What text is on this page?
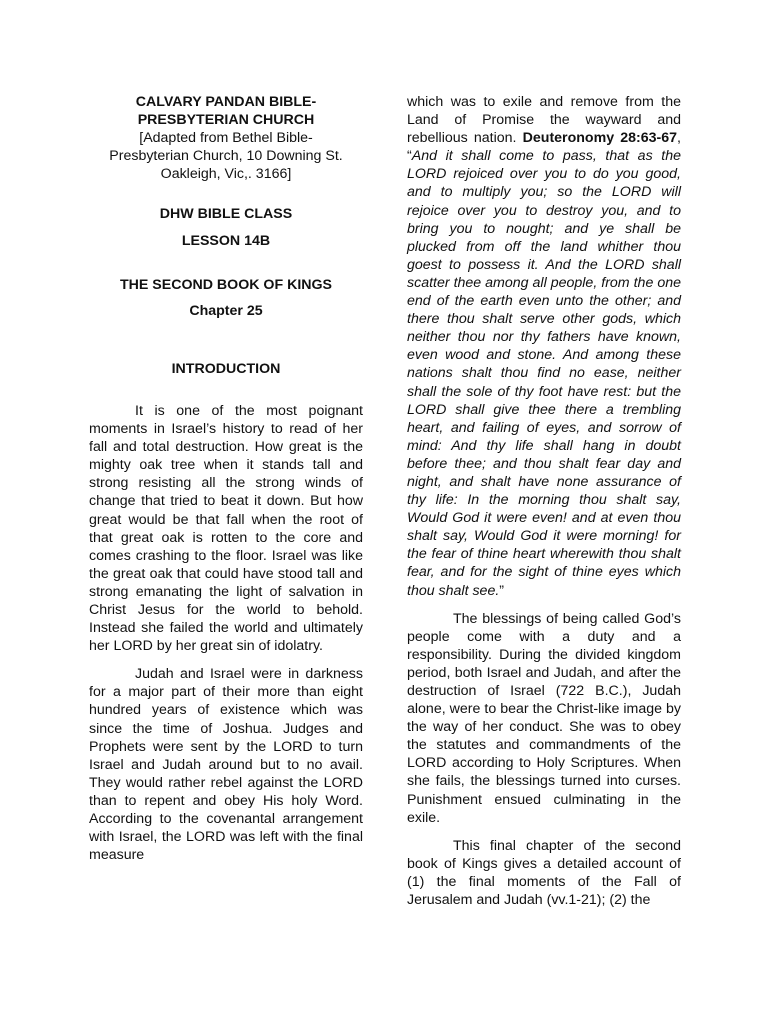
CALVARY PANDAN BIBLE-

PRESBYTERIAN CHURCH

[Adapted from Bethel Bible-

Presbyterian Church, 10 Downing St.

Oakleigh, Vic,. 3166]

DHW BIBLE CLASS

LESSON 14B

THE SECOND BOOK OF KINGS

Chapter 25

INTRODUCTION

It is one of the most poignant moments in Israel’s history to read of her fall and total destruction. How great is the mighty oak tree when it stands tall and strong resisting all the strong winds of change that tried to beat it down. But how great would be that fall when the root of that great oak is rotten to the core and comes crashing to the floor. Israel was like the great oak that could have stood tall and strong emanating the light of salvation in Christ Jesus for the world to behold. Instead she failed the world and ultimately her LORD by her great sin of idolatry.

Judah and Israel were in darkness for a major part of their more than eight hundred years of existence which was since the time of Joshua. Judges and Prophets were sent by the LORD to turn Israel and Judah around but to no avail. They would rather rebel against the LORD than to repent and obey His holy Word. According to the covenantal arrangement with Israel, the LORD was left with the final measure

which was to exile and remove from the Land of Promise the wayward and rebellious nation. Deuteronomy 28:63-67, “And it shall come to pass, that as the LORD rejoiced over you to do you good, and to multiply you; so the LORD will rejoice over you to destroy you, and to bring you to nought; and ye shall be plucked from off the land whither thou goest to possess it. And the LORD shall scatter thee among all people, from the one end of the earth even unto the other; and there thou shalt serve other gods, which neither thou nor thy fathers have known, even wood and stone. And among these nations shalt thou find no ease, neither shall the sole of thy foot have rest: but the LORD shall give thee there a trembling heart, and failing of eyes, and sorrow of mind: And thy life shall hang in doubt before thee; and thou shalt fear day and night, and shalt have none assurance of thy life: In the morning thou shalt say, Would God it were even! and at even thou shalt say, Would God it were morning! for the fear of thine heart wherewith thou shalt fear, and for the sight of thine eyes which thou shalt see.”

The blessings of being called God’s people come with a duty and a responsibility. During the divided kingdom period, both Israel and Judah, and after the destruction of Israel (722 B.C.), Judah alone, were to bear the Christ-like image by the way of her conduct. She was to obey the statutes and commandments of the LORD according to Holy Scriptures. When she fails, the blessings turned into curses. Punishment ensued culminating in the exile.

This final chapter of the second book of Kings gives a detailed account of (1) the final moments of the Fall of Jerusalem and Judah (vv.1-21); (2) the
